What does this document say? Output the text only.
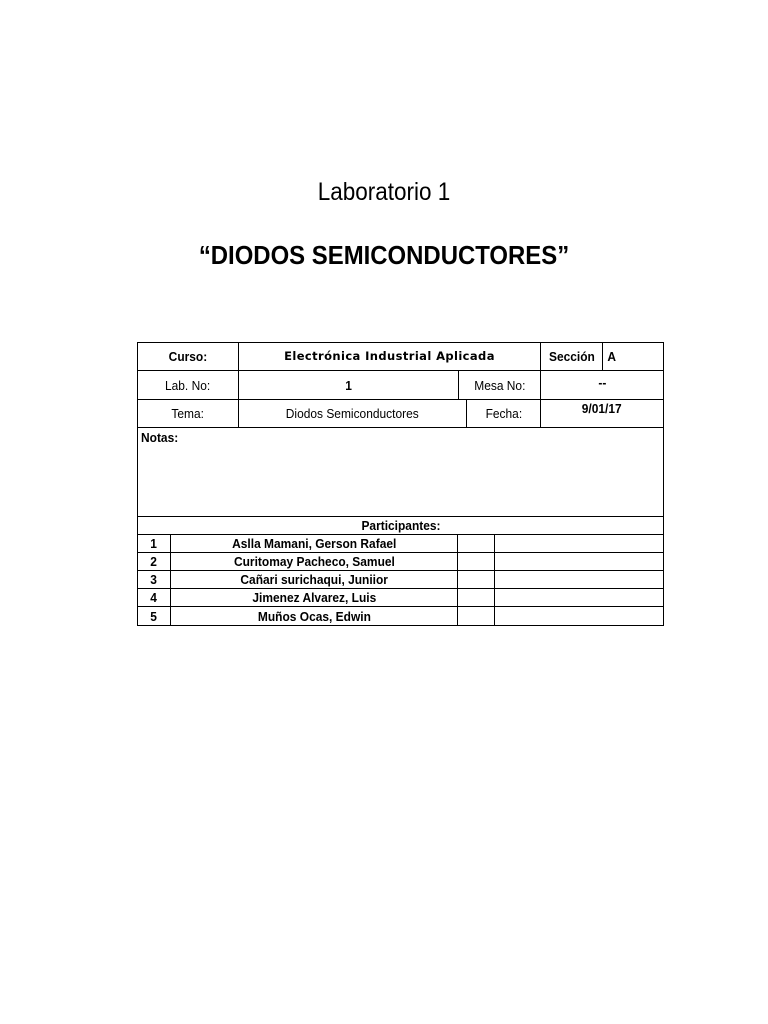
Laboratorio 1
“DIODOS SEMICONDUCTORES”
Curso:	Electrónica Industrial Aplicada	Sección A
Lab. No:	1	Mesa No:	--
Tema:	Diodos Semiconductores	Fecha:	9/01/17
Notas:
Participantes:
1	Aslla Mamani, Gerson Rafael
2	Curitomay Pacheco, Samuel
3	Cañari surichaqui, Juniior
4	Jimenez Alvarez, Luis
5	Muños Ocas, Edwin
